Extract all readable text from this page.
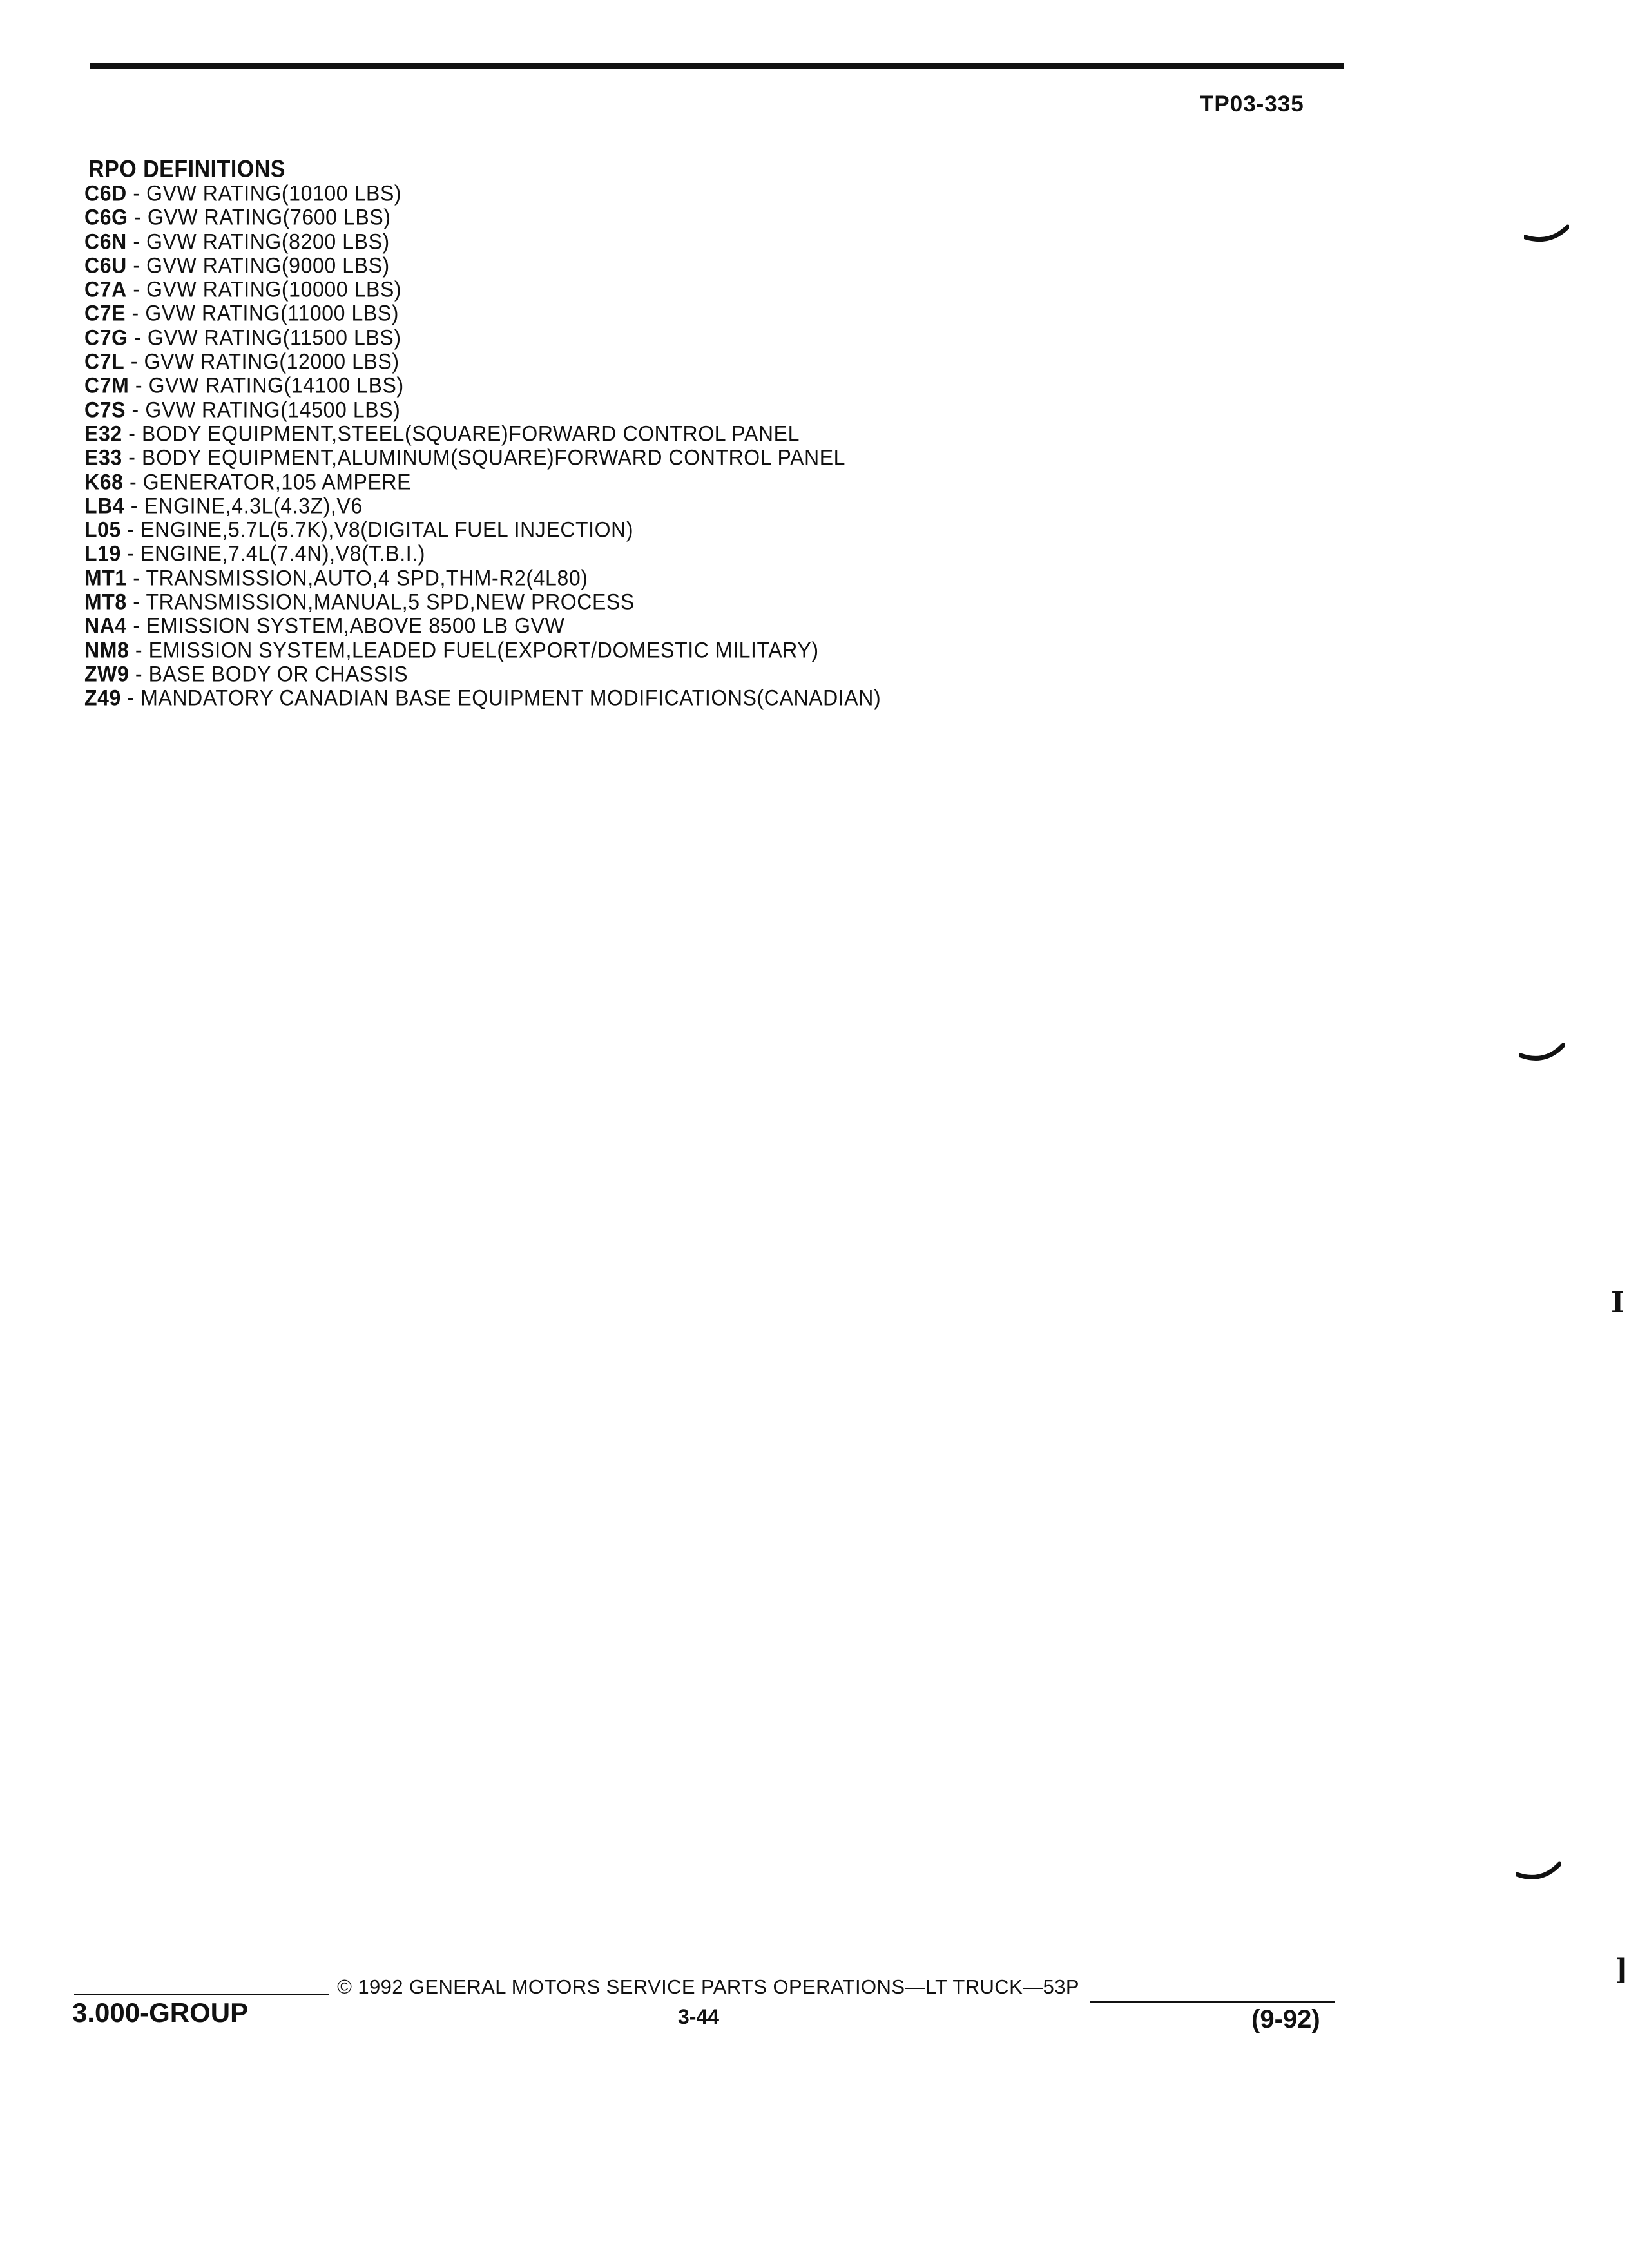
TP03-335
RPO DEFINITIONS
C6D - GVW RATING(10100 LBS)
C6G - GVW RATING(7600 LBS)
C6N - GVW RATING(8200 LBS)
C6U - GVW RATING(9000 LBS)
C7A - GVW RATING(10000 LBS)
C7E - GVW RATING(11000 LBS)
C7G - GVW RATING(11500 LBS)
C7L - GVW RATING(12000 LBS)
C7M - GVW RATING(14100 LBS)
C7S - GVW RATING(14500 LBS)
E32 - BODY EQUIPMENT,STEEL(SQUARE)FORWARD CONTROL PANEL
E33 - BODY EQUIPMENT,ALUMINUM(SQUARE)FORWARD CONTROL PANEL
K68 - GENERATOR,105 AMPERE
LB4 - ENGINE,4.3L(4.3Z),V6
L05 - ENGINE,5.7L(5.7K),V8(DIGITAL FUEL INJECTION)
L19 - ENGINE,7.4L(7.4N),V8(T.B.I.)
MT1 - TRANSMISSION,AUTO,4 SPD,THM-R2(4L80)
MT8 - TRANSMISSION,MANUAL,5 SPD,NEW PROCESS
NA4 - EMISSION SYSTEM,ABOVE 8500 LB GVW
NM8 - EMISSION SYSTEM,LEADED FUEL(EXPORT/DOMESTIC MILITARY)
ZW9 - BASE BODY OR CHASSIS
Z49 - MANDATORY CANADIAN BASE EQUIPMENT MODIFICATIONS(CANADIAN)
© 1992 GENERAL MOTORS SERVICE PARTS OPERATIONS—LT TRUCK—53P
3.000-GROUP	3-44	(9-92)
I
]
